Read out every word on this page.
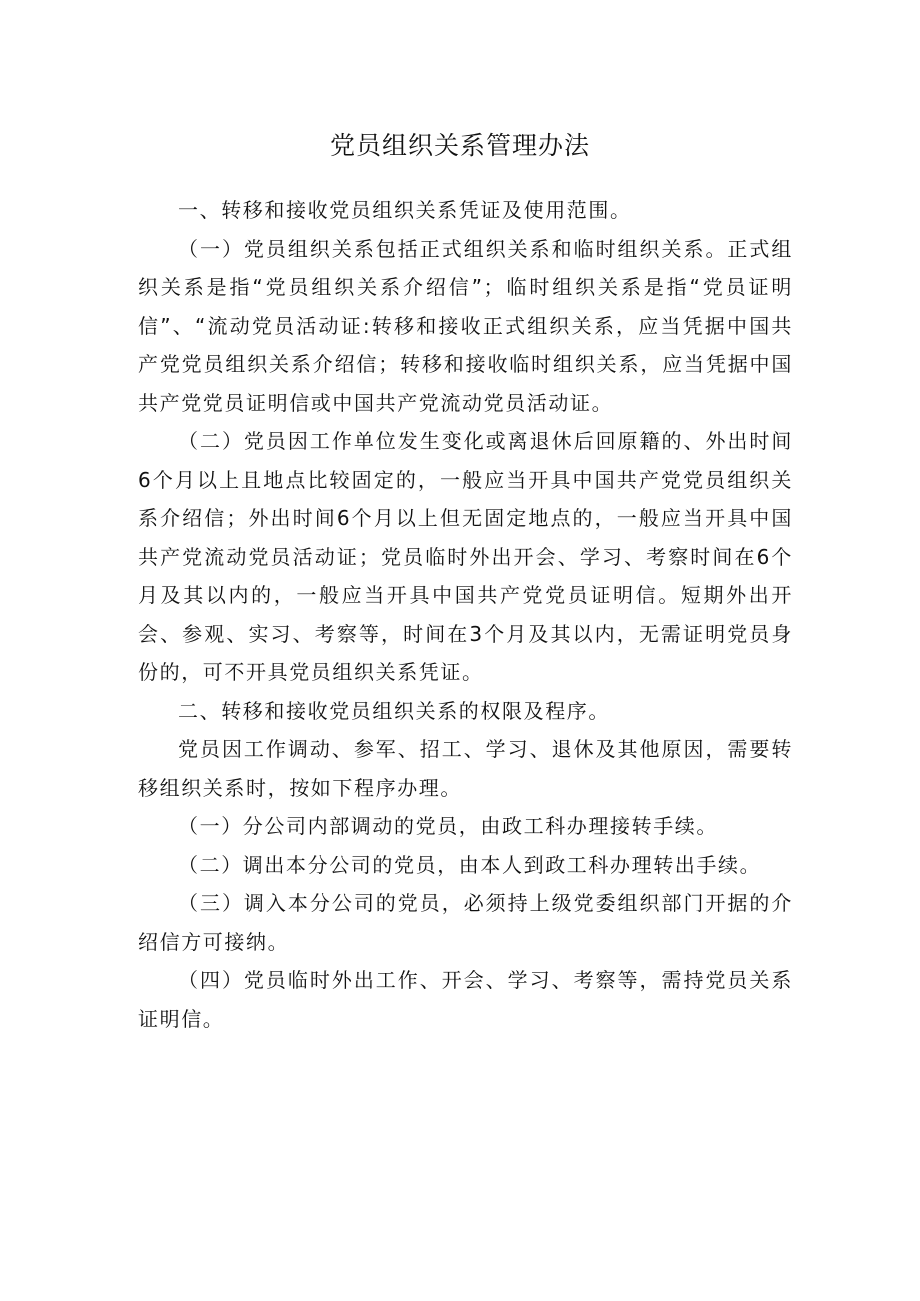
党员组织关系管理办法

一、转移和接收党员组织关系凭证及使用范围。

（一）党员组织关系包括正式组织关系和临时组织关系。正式组织关系是指“党员组织关系介绍信”；临时组织关系是指“党员证明信”、“流动党员活动证:转移和接收正式组织关系，应当凭据中国共产党党员组织关系介绍信；转移和接收临时组织关系，应当凭据中国共产党党员证明信或中国共产党流动党员活动证。

（二）党员因工作单位发生变化或离退休后回原籍的、外出时间6个月以上且地点比较固定的，一般应当开具中国共产党党员组织关系介绍信；外出时间6个月以上但无固定地点的，一般应当开具中国共产党流动党员活动证；党员临时外出开会、学习、考察时间在6个月及其以内的，一般应当开具中国共产党党员证明信。短期外出开会、参观、实习、考察等，时间在3个月及其以内，无需证明党员身份的，可不开具党员组织关系凭证。

二、转移和接收党员组织关系的权限及程序。

党员因工作调动、参军、招工、学习、退休及其他原因，需要转移组织关系时，按如下程序办理。

（一）分公司内部调动的党员，由政工科办理接转手续。

（二）调出本分公司的党员，由本人到政工科办理转出手续。

（三）调入本分公司的党员，必须持上级党委组织部门开据的介绍信方可接纳。

（四）党员临时外出工作、开会、学习、考察等，需持党员关系证明信。
